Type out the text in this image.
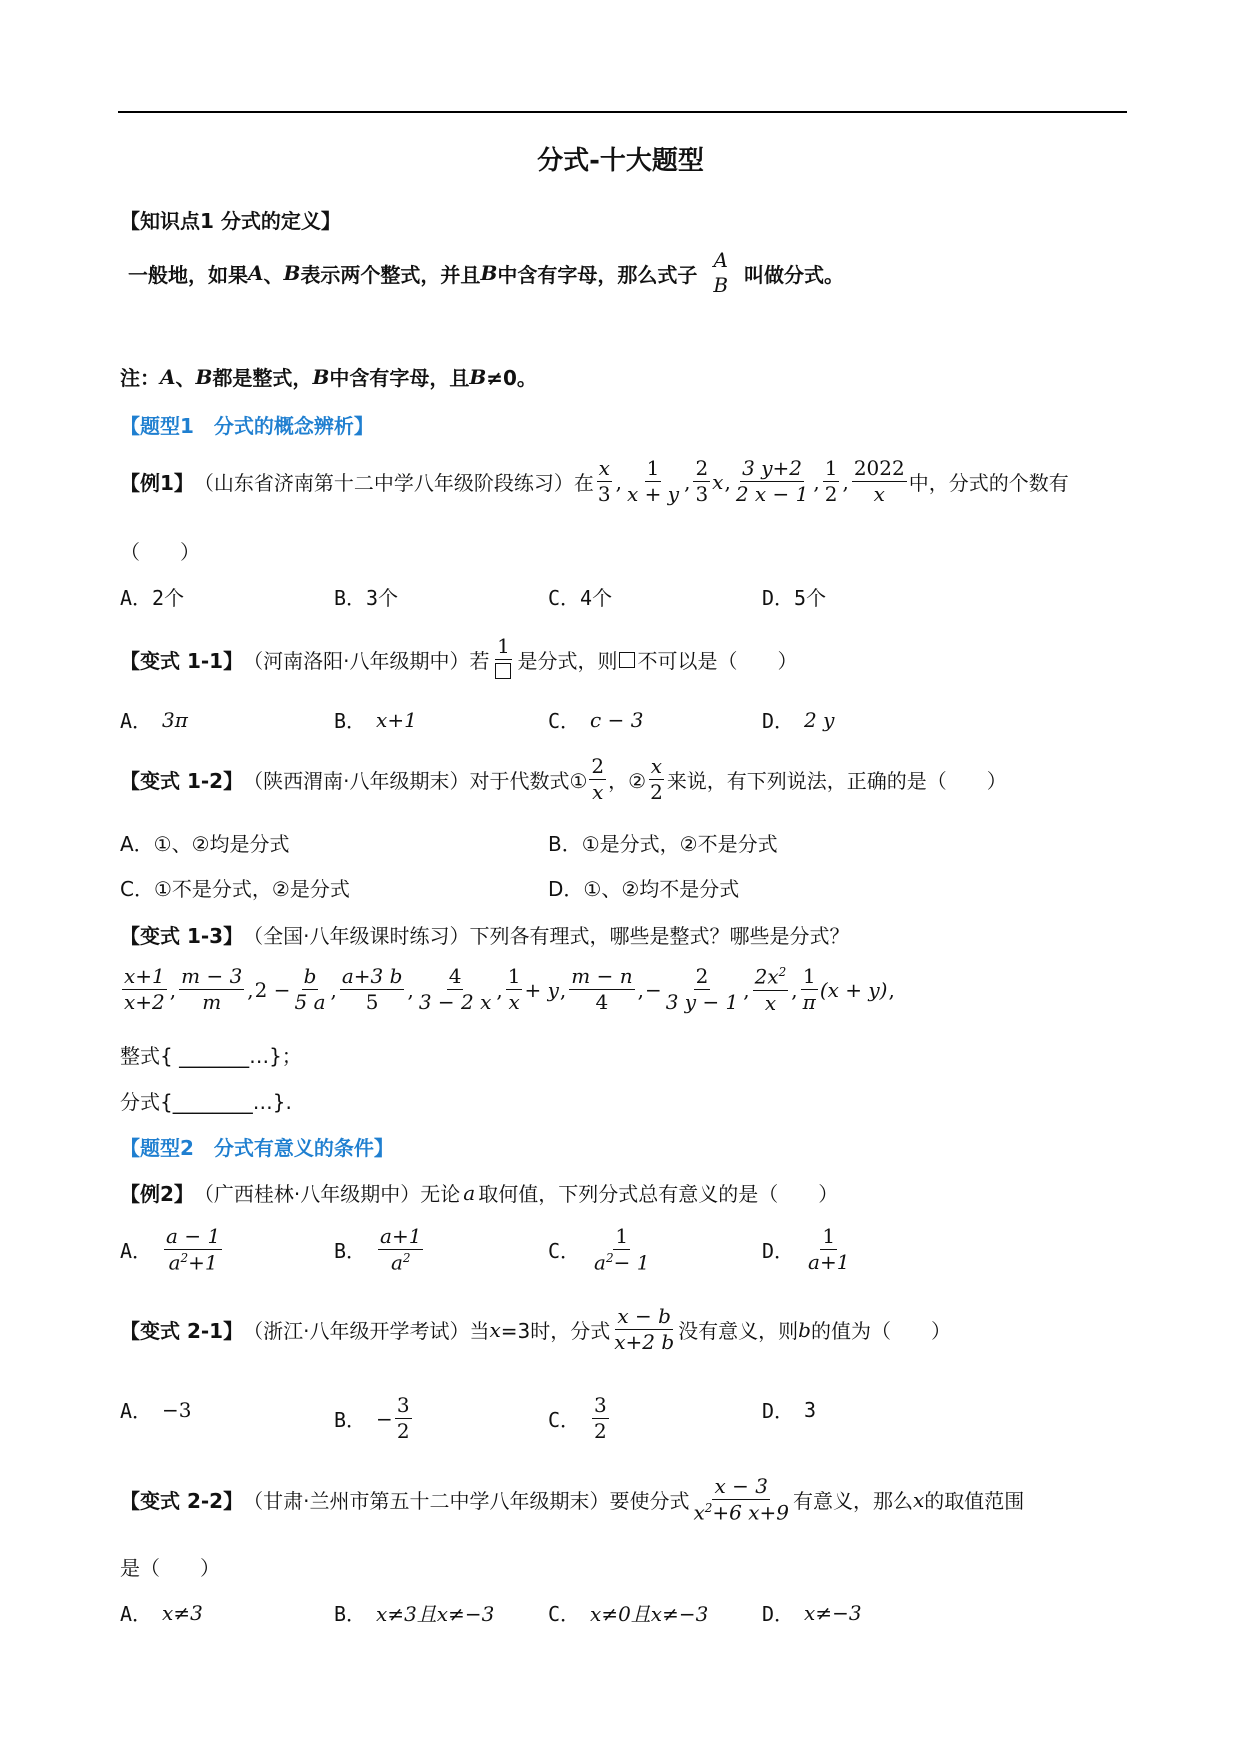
分式-十大题型
【知识点1 分式的定义】
一般地，如果 A 、 B 表示两个整式，并且 B 中含有字母，那么式子
A
B 叫做分式。
注： A 、 B 都是整式， B 中含有字母，且 B ≠0。
【题型1　分式的概念辨析】
【例1】 （山东省济南第十二中学八年级阶段练习）在 $\frac{x}{3}$ , $\frac{1}{x + y}$ , $\frac{2}{3}$ x , $\frac{3 y+2}{2 x - 1}$ , $\frac{1}{2}$ , $\frac{2022}{x}$ 中，分式的个数有
（　　）
A．2个	B．3个	C．4个	D．5个
【变式 1-1】 （河南洛阳·八年级期中）若
1
是分式，则 不可以是（　　）
A． 3π	B． x+1	C． c − 3	D． 2 y
【变式 1-2】 （陕西渭南·八年级期末）对于代数式① $\frac{2}{x}$ ，② $\frac{x}{2}$ 来说，有下列说法，正确的是（　　）
A．①、②均是分式	B．①是分式，②不是分式
C．①不是分式，②是分式	D．①、②均不是分式
【变式 1-3】 （全国·八年级课时练习）下列各有理式，哪些是整式？哪些是分式？
$\frac{x+1}{x+2}$ , $\frac{m - 3}{m}$ , $2 - \frac{b}{5 a}$ , $\frac{a+3 b}{5}$ , $\frac{4}{3 - 2 x}$ , $\frac{1}{x} + y$ , $\frac{m - n}{4}$ , − $\frac{2}{3 y - 1}$ , $\frac{2x^2}{x}$ , $\frac{1}{\pi} (x + y)$ ,
整式{ _______…}；
分式{________…}.
【题型2　分式有意义的条件】
【例2】 （广西桂林·八年级期中）无论 a 取何值，下列分式总有意义的是（　　）
A． $\frac{a - 1}{a^2+1}$	B． $\frac{a+1}{a^2}$	C． $\frac{1}{a^2- 1}$	D． $\frac{1}{a+1}$
【变式 2-1】 （浙江·八年级开学考试）当 x =3时，分式 $\frac{x - b}{x+2 b}$ 没有意义，则 b 的值为（　　）
A． −3	B． − $\frac{3}{2}$	C． $\frac{3}{2}$	D． 3
【变式 2-2】 （甘肃·兰州市第五十二中学八年级期末）要使分式 $\frac{x - 3}{x^2+6 x+9}$ 有意义，那么 x 的取值范围
是（　　）
A． x≠3	B． x≠3且x≠−3	C． x≠0且x≠−3	D． x≠−3
